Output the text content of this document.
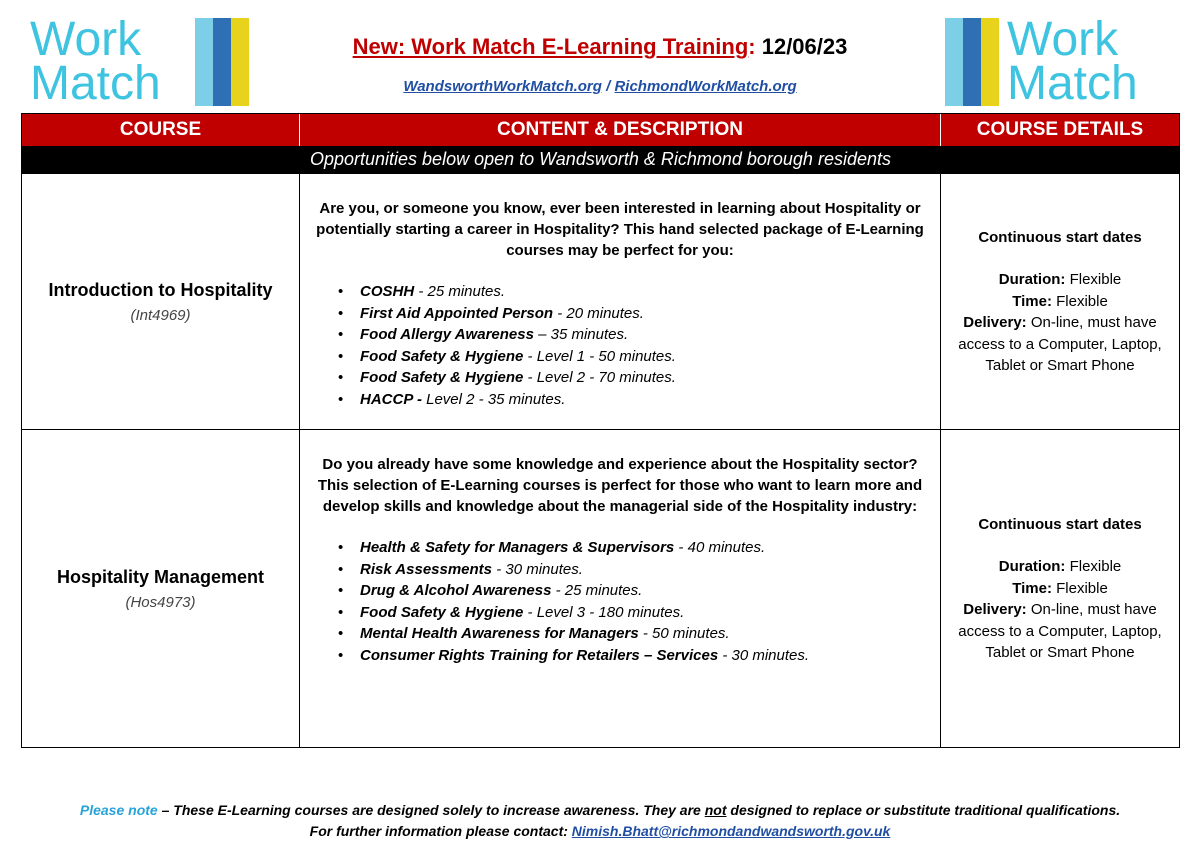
Work
Match
Work
Match
New: Work Match E-Learning Training: 12/06/23
WandsworthWorkMatch.org / RichmondWorkMatch.org
COURSE	CONTENT & DESCRIPTION	COURSE DETAILS
Opportunities below open to Wandsworth & Richmond borough residents
Introduction to Hospitality
(Int4969)
Are you, or someone you know, ever been interested in learning about Hospitality or potentially starting a career in Hospitality? This hand selected package of E-Learning courses may be perfect for you:
• COSHH - 25 minutes.
• First Aid Appointed Person - 20 minutes.
• Food Allergy Awareness – 35 minutes.
• Food Safety & Hygiene - Level 1 - 50 minutes.
• Food Safety & Hygiene - Level 2 - 70 minutes.
• HACCP - Level 2 - 35 minutes.
Continuous start dates
Duration: Flexible
Time: Flexible
Delivery: On-line, must have access to a Computer, Laptop, Tablet or Smart Phone
Hospitality Management
(Hos4973)
Do you already have some knowledge and experience about the Hospitality sector? This selection of E-Learning courses is perfect for those who want to learn more and develop skills and knowledge about the managerial side of the Hospitality industry:
• Health & Safety for Managers & Supervisors - 40 minutes.
• Risk Assessments - 30 minutes.
• Drug & Alcohol Awareness - 25 minutes.
• Food Safety & Hygiene - Level 3 - 180 minutes.
• Mental Health Awareness for Managers - 50 minutes.
• Consumer Rights Training for Retailers – Services - 30 minutes.
Continuous start dates
Duration: Flexible
Time: Flexible
Delivery: On-line, must have access to a Computer, Laptop, Tablet or Smart Phone
Please note – These E-Learning courses are designed solely to increase awareness. They are not designed to replace or substitute traditional qualifications.
For further information please contact: Nimish.Bhatt@richmondandwandsworth.gov.uk
